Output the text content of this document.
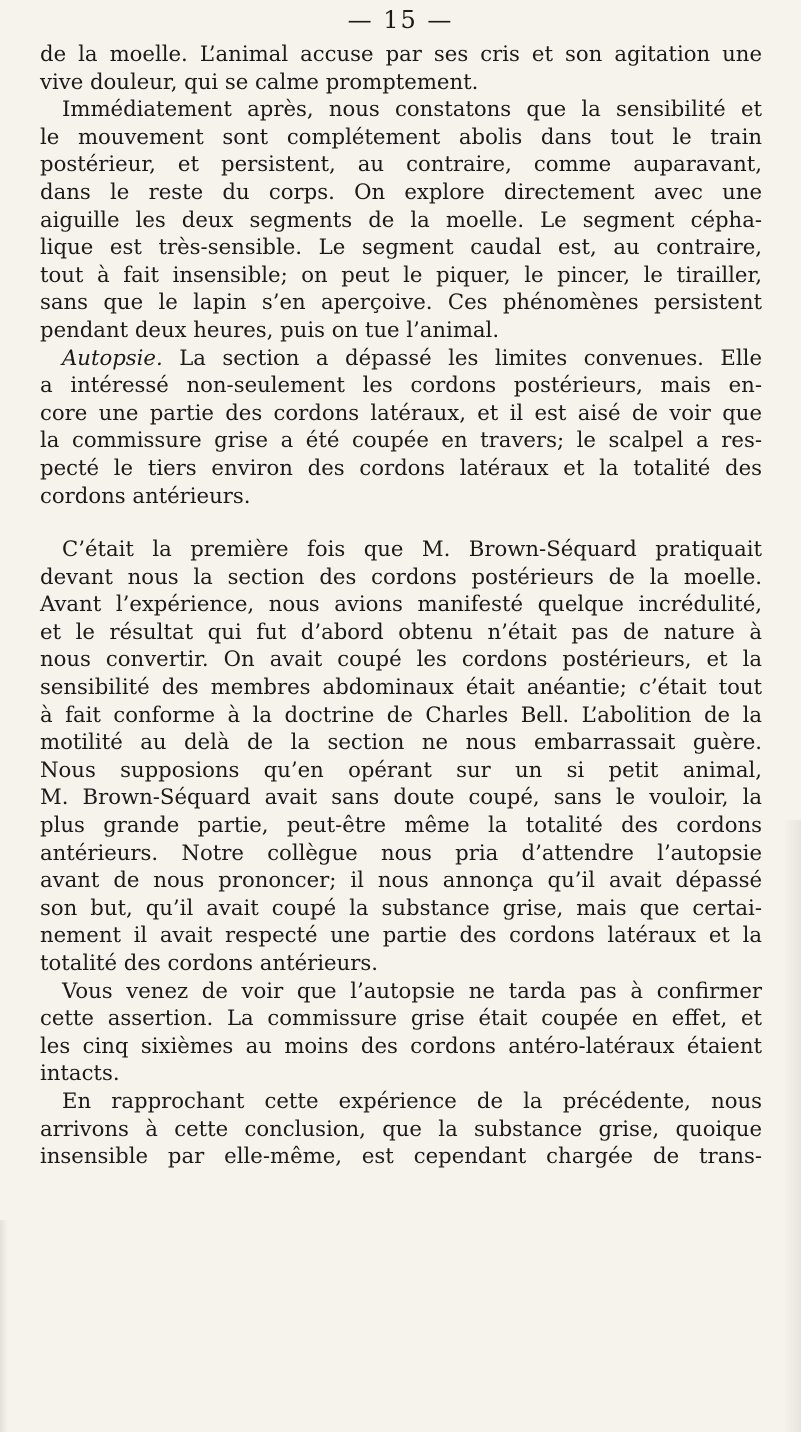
— 15 —
de la moelle. L’animal accuse par ses cris et son agitation une
vive douleur, qui se calme promptement.
Immédiatement après, nous constatons que la sensibilité et
le mouvement sont complétement abolis dans tout le train
postérieur, et persistent, au contraire, comme auparavant,
dans le reste du corps. On explore directement avec une
aiguille les deux segments de la moelle. Le segment cépha-
lique est très-sensible. Le segment caudal est, au contraire,
tout à fait insensible; on peut le piquer, le pincer, le tirailler,
sans que le lapin s’en aperçoive. Ces phénomènes persistent
pendant deux heures, puis on tue l’animal.
Autopsie. La section a dépassé les limites convenues. Elle
a intéressé non-seulement les cordons postérieurs, mais en-
core une partie des cordons latéraux, et il est aisé de voir que
la commissure grise a été coupée en travers; le scalpel a res-
pecté le tiers environ des cordons latéraux et la totalité des
cordons antérieurs.
C’était la première fois que M. Brown-Séquard pratiquait
devant nous la section des cordons postérieurs de la moelle.
Avant l’expérience, nous avions manifesté quelque incrédulité,
et le résultat qui fut d’abord obtenu n’était pas de nature à
nous convertir. On avait coupé les cordons postérieurs, et la
sensibilité des membres abdominaux était anéantie; c’était tout
à fait conforme à la doctrine de Charles Bell. L’abolition de la
motilité au delà de la section ne nous embarrassait guère.
Nous supposions qu’en opérant sur un si petit animal,
M. Brown-Séquard avait sans doute coupé, sans le vouloir, la
plus grande partie, peut-être même la totalité des cordons
antérieurs. Notre collègue nous pria d’attendre l’autopsie
avant de nous prononcer; il nous annonça qu’il avait dépassé
son but, qu’il avait coupé la substance grise, mais que certai-
nement il avait respecté une partie des cordons latéraux et la
totalité des cordons antérieurs.
Vous venez de voir que l’autopsie ne tarda pas à confirmer
cette assertion. La commissure grise était coupée en effet, et
les cinq sixièmes au moins des cordons antéro-latéraux étaient
intacts.
En rapprochant cette expérience de la précédente, nous
arrivons à cette conclusion, que la substance grise, quoique
insensible par elle-même, est cependant chargée de trans-
